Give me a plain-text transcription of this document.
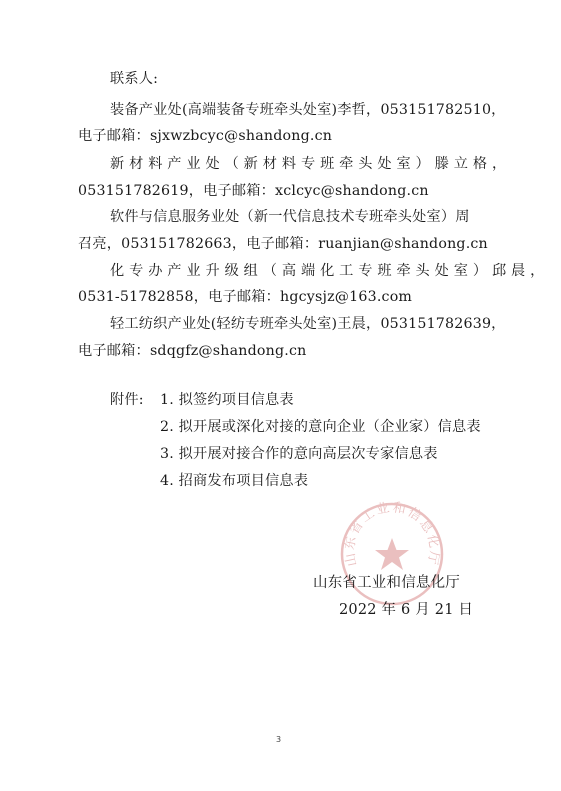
联系人:
装备产业处(高端装备专班牵头处室)李哲，053151782510，
电子邮箱：sjxwzbcyc@shandong.cn
新 材 料 产 业 处 （ 新 材 料 专 班 牵 头 处 室 ） 滕 立 格 ，
053151782619，电子邮箱：xclcyc@shandong.cn
软件与信息服务业处（新一代信息技术专班牵头处室）周
召亮，053151782663，电子邮箱：ruanjian@shandong.cn
化 专 办 产 业 升 级 组 （ 高 端 化 工 专 班 牵 头 处 室 ） 邱 晨 ，
0531-51782858，电子邮箱：hgcysjz@163.com
轻工纺织产业处(轻纺专班牵头处室)王晨，053151782639，
电子邮箱：sdqgfz@shandong.cn
附件: 1. 拟签约项目信息表
2. 拟开展或深化对接的意向企业（企业家）信息表
3. 拟开展对接合作的意向高层次专家信息表
4. 招商发布项目信息表
山东省工业和信息化厅
山东省工业和信息化厅
2022 年 6 月 21 日
3
